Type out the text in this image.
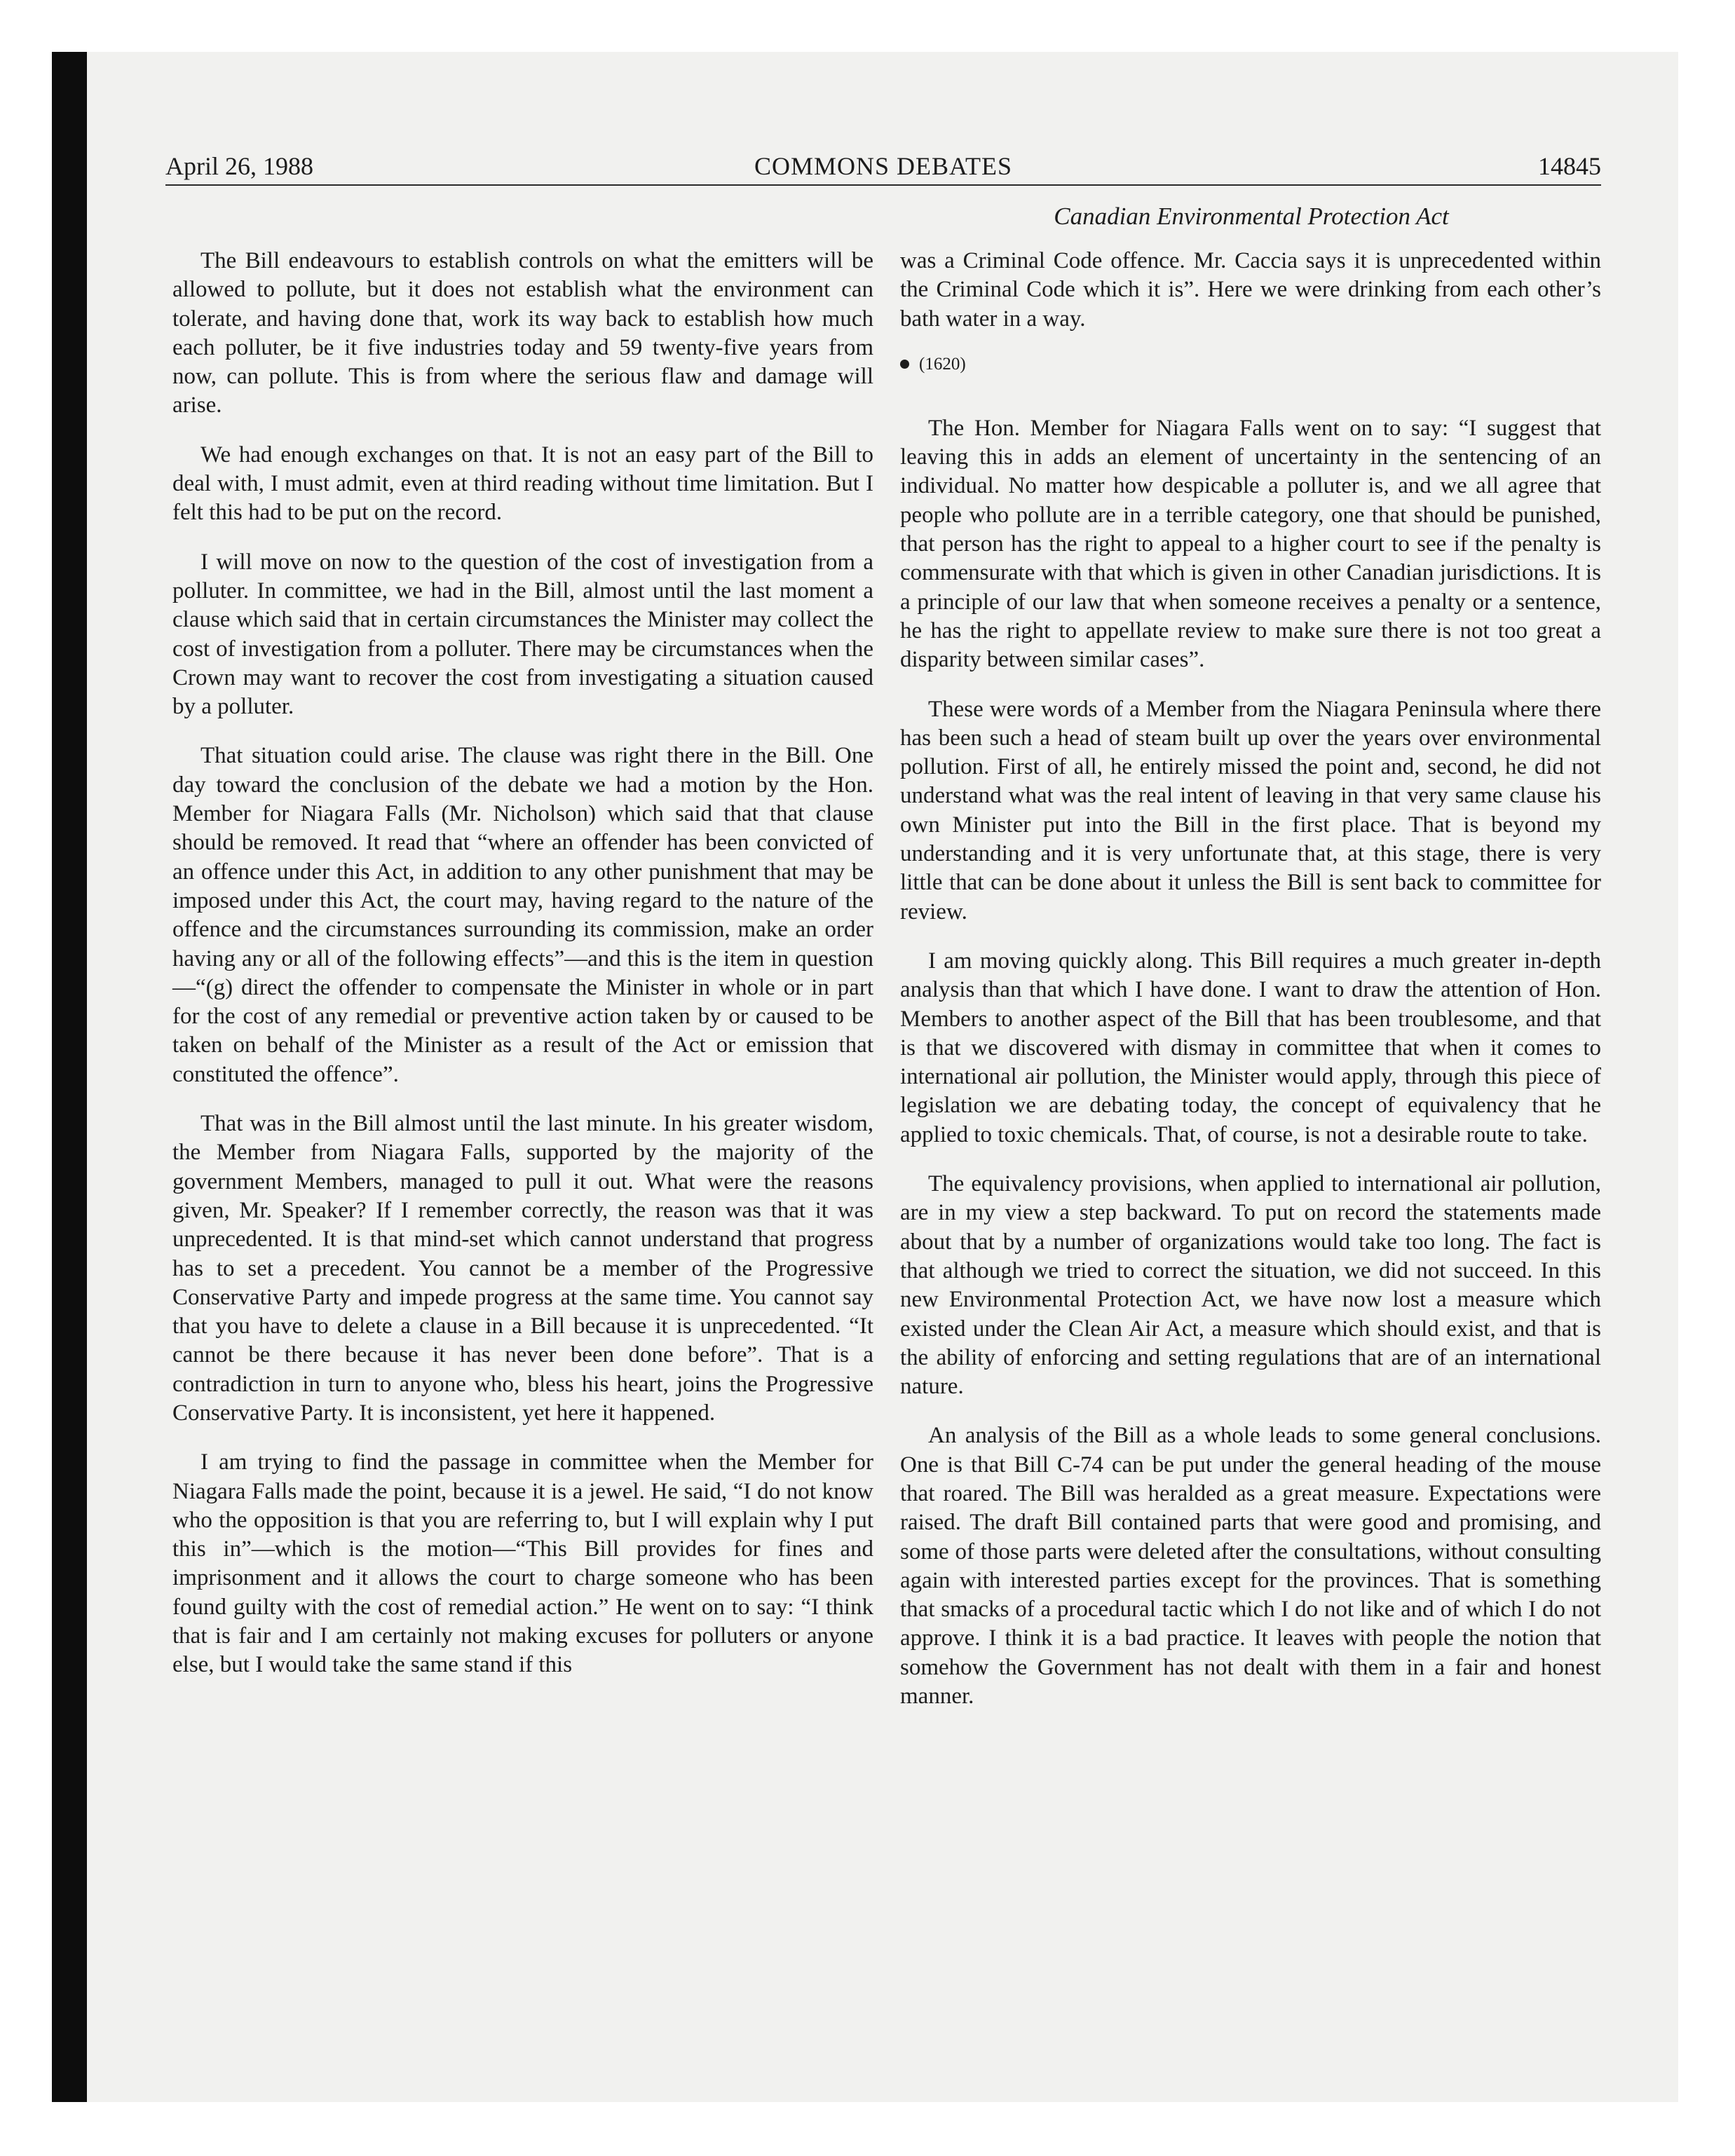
April 26, 1988	COMMONS DEBATES	14845
Canadian Environmental Protection Act

The Bill endeavours to establish controls on what the emitters will be allowed to pollute, but it does not establish what the environment can tolerate, and having done that, work its way back to establish how much each polluter, be it five industries today and 59 twenty-five years from now, can pollute. This is from where the serious flaw and damage will arise.

We had enough exchanges on that. It is not an easy part of the Bill to deal with, I must admit, even at third reading without time limitation. But I felt this had to be put on the record.

I will move on now to the question of the cost of investigation from a polluter. In committee, we had in the Bill, almost until the last moment a clause which said that in certain circumstances the Minister may collect the cost of investigation from a polluter. There may be circumstances when the Crown may want to recover the cost from investigating a situation caused by a polluter.

That situation could arise. The clause was right there in the Bill. One day toward the conclusion of the debate we had a motion by the Hon. Member for Niagara Falls (Mr. Nicholson) which said that that clause should be removed. It read that “where an offender has been convicted of an offence under this Act, in addition to any other punishment that may be imposed under this Act, the court may, having regard to the nature of the offence and the circumstances surrounding its commission, make an order having any or all of the following effects”—and this is the item in question—“(g) direct the offender to compensate the Minister in whole or in part for the cost of any remedial or preventive action taken by or caused to be taken on behalf of the Minister as a result of the Act or emission that constituted the offence”.

That was in the Bill almost until the last minute. In his greater wisdom, the Member from Niagara Falls, supported by the majority of the government Members, managed to pull it out. What were the reasons given, Mr. Speaker? If I remember correctly, the reason was that it was unprecedented. It is that mind-set which cannot understand that progress has to set a precedent. You cannot be a member of the Progressive Conservative Party and impede progress at the same time. You cannot say that you have to delete a clause in a Bill because it is unprecedented. “It cannot be there because it has never been done before”. That is a contradiction in turn to anyone who, bless his heart, joins the Progressive Conservative Party. It is inconsistent, yet here it happened.

I am trying to find the passage in committee when the Member for Niagara Falls made the point, because it is a jewel. He said, “I do not know who the opposition is that you are referring to, but I will explain why I put this in”—which is the motion—“This Bill provides for fines and imprisonment and it allows the court to charge someone who has been found guilty with the cost of remedial action.” He went on to say: “I think that is fair and I am certainly not making excuses for polluters or anyone else, but I would take the same stand if this

was a Criminal Code offence. Mr. Caccia says it is unprecedented within the Criminal Code which it is”. Here we were drinking from each other’s bath water in a way.

(1620)

The Hon. Member for Niagara Falls went on to say: “I suggest that leaving this in adds an element of uncertainty in the sentencing of an individual. No matter how despicable a polluter is, and we all agree that people who pollute are in a terrible category, one that should be punished, that person has the right to appeal to a higher court to see if the penalty is commensurate with that which is given in other Canadian jurisdictions. It is a principle of our law that when someone receives a penalty or a sentence, he has the right to appellate review to make sure there is not too great a disparity between similar cases”.

These were words of a Member from the Niagara Peninsula where there has been such a head of steam built up over the years over environmental pollution. First of all, he entirely missed the point and, second, he did not understand what was the real intent of leaving in that very same clause his own Minister put into the Bill in the first place. That is beyond my understanding and it is very unfortunate that, at this stage, there is very little that can be done about it unless the Bill is sent back to committee for review.

I am moving quickly along. This Bill requires a much greater in-depth analysis than that which I have done. I want to draw the attention of Hon. Members to another aspect of the Bill that has been troublesome, and that is that we discovered with dismay in committee that when it comes to international air pollution, the Minister would apply, through this piece of legislation we are debating today, the concept of equivalency that he applied to toxic chemicals. That, of course, is not a desirable route to take.

The equivalency provisions, when applied to international air pollution, are in my view a step backward. To put on record the statements made about that by a number of organizations would take too long. The fact is that although we tried to correct the situation, we did not succeed. In this new Environmental Protection Act, we have now lost a measure which existed under the Clean Air Act, a measure which should exist, and that is the ability of enforcing and setting regulations that are of an international nature.

An analysis of the Bill as a whole leads to some general conclusions. One is that Bill C-74 can be put under the general heading of the mouse that roared. The Bill was heralded as a great measure. Expectations were raised. The draft Bill contained parts that were good and promising, and some of those parts were deleted after the consultations, without consulting again with interested parties except for the provinces. That is something that smacks of a procedural tactic which I do not like and of which I do not approve. I think it is a bad practice. It leaves with people the notion that somehow the Government has not dealt with them in a fair and honest manner.
